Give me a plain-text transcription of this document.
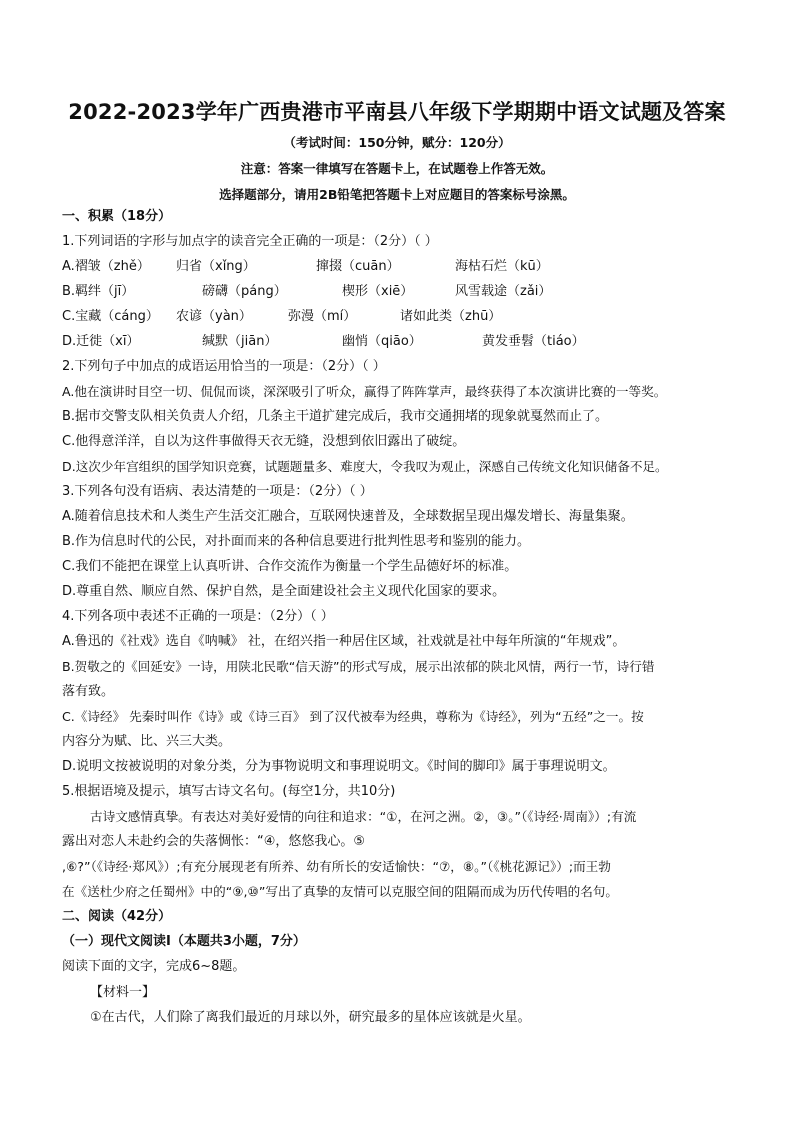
2022-2023学年广西贵港市平南县八年级下学期期中语文试题及答案
（考试时间：150分钟，赋分：120分）
注意：答案一律填写在答题卡上，在试题卷上作答无效。
选择题部分，请用2B铅笔把答题卡上对应题目的答案标号涂黑。
一、积累（18分）
1.下列词语的字形与加点字的读音完全正确的一项是：（2分）（ ）
A.褶皱（zhě） 归省（xǐng）	撺掇（cuān）	海枯石烂（kū）
B.羁绊（jī）	磅礴（páng）	楔形（xiē）	风雪载途（zǎi）
C.宝藏（cáng） 农谚（yàn）	弥漫（mí）	诸如此类（zhū）
D.迁徙（xī）	缄默（jiān）	幽悄（qiāo）	黄发垂髫（tiáo）
2.下列句子中加点的成语运用恰当的一项是：（2分）（ ）
A.他在演讲时目空一切、侃侃而谈，深深吸引了听众，赢得了阵阵掌声，最终获得了本次演讲比赛的一等奖。
B.据市交警支队相关负责人介绍，几条主干道扩建完成后，我市交通拥堵的现象就戛然而止了。
C.他得意洋洋，自以为这件事做得天衣无缝，没想到依旧露出了破绽。
D.这次少年宫组织的国学知识竞赛，试题题量多、难度大，令我叹为观止，深感自己传统文化知识储备不足。
3.下列各句没有语病、表达清楚的一项是：（2分）（ ）
A.随着信息技术和人类生产生活交汇融合，互联网快速普及，全球数据呈现出爆发增长、海量集聚。
B.作为信息时代的公民，对扑面而来的各种信息要进行批判性思考和鉴别的能力。
C.我们不能把在课堂上认真听讲、合作交流作为衡量一个学生品德好坏的标准。
D.尊重自然、顺应自然、保护自然，是全面建设社会主义现代化国家的要求。
4.下列各项中表述不正确的一项是：（2分）（ ）
A.鲁迅的《社戏》选自《呐喊》 社，在绍兴指一种居住区域，社戏就是社中每年所演的“年规戏”。
B.贺敬之的《回延安》一诗，用陕北民歌“信天游”的形式写成，展示出浓郁的陕北风情，两行一节，诗行错
落有致。
C.《诗经》 先秦时叫作《诗》或《诗三百》 到了汉代被奉为经典，尊称为《诗经》，列为“五经”之一。按
内容分为赋、比、兴三大类。
D.说明文按被说明的对象分类，分为事物说明文和事理说明文。《时间的脚印》属于事理说明文。
5.根据语境及提示，填写古诗文名句。(每空1分，共10分)
古诗文感情真挚。有表达对美好爱情的向往和追求：“①，在河之洲。②，③。”（《诗经·周南》）;有流
露出对恋人未赴约会的失落惆怅：“④，悠悠我心。⑤
,⑥?”（《诗经·郑风》）;有充分展现老有所养、幼有所长的安适愉快：“⑦，⑧。”（《桃花源记》）;而王勃
在《送杜少府之任蜀州》中的“⑨,⑩”写出了真挚的友情可以克服空间的阻隔而成为历代传唱的名句。
二、阅读（42分）
（一）现代文阅读Ⅰ（本题共3小题，7分）
阅读下面的文字，完成6~8题。
【材料一】
①在古代，人们除了离我们最近的月球以外，研究最多的星体应该就是火星。
